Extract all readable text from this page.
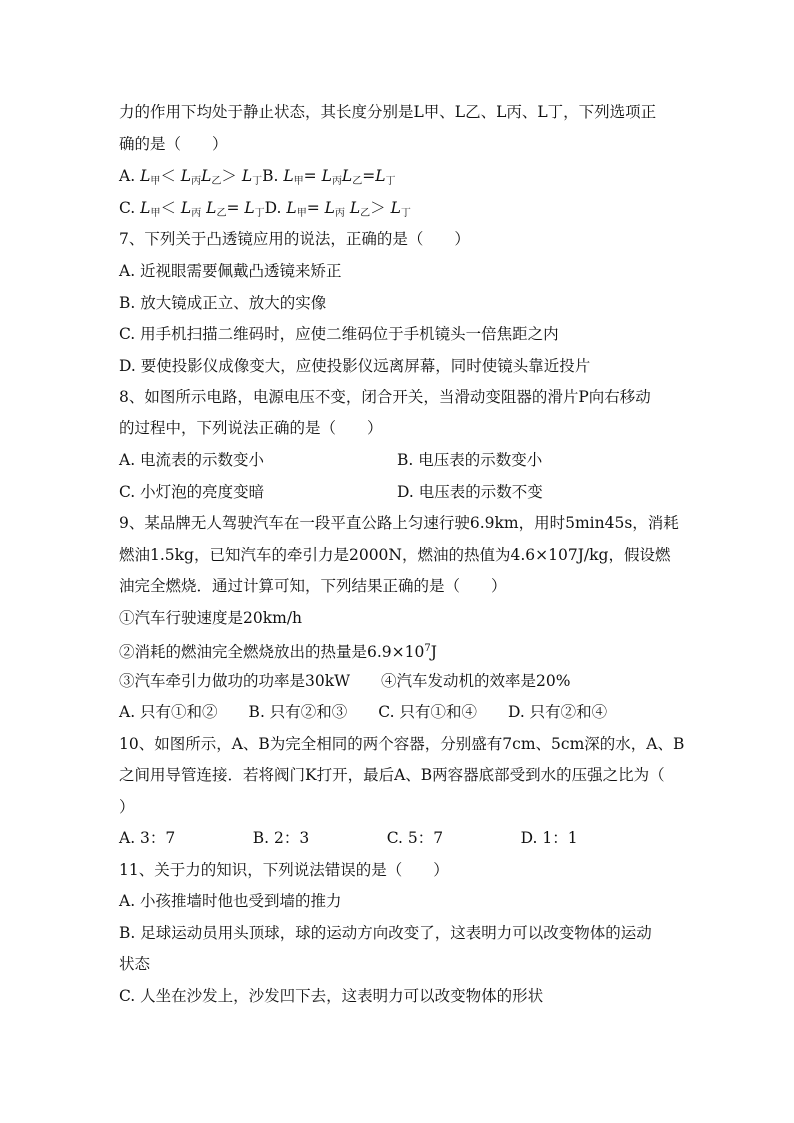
力的作用下均处于静止状态，其长度分别是L甲、L乙、L丙、L丁，下列选项正
确的是（　　）
A. $L_甲< L_丙L_乙> L_丁B$. $L_甲= L_丙L_乙=L_丁$
C. $L_甲< L_丙$ $L_乙= L_丁D$. $L_甲= L_丙$ $L_乙> L_丁$
7、下列关于凸透镜应用的说法，正确的是（　　）
A. 近视眼需要佩戴凸透镜来矫正
B. 放大镜成正立、放大的实像
C. 用手机扫描二维码时，应使二维码位于手机镜头一倍焦距之内
D. 要使投影仪成像变大，应使投影仪远离屏幕，同时使镜头靠近投片
8、如图所示电路，电源电压不变，闭合开关，当滑动变阻器的滑片P向右移动
的过程中，下列说法正确的是（　　）
A. 电流表的示数变小	B. 电压表的示数变小
C. 小灯泡的亮度变暗	D. 电压表的示数不变
9、某品牌无人驾驶汽车在一段平直公路上匀速行驶6.9km，用时5min45s，消耗
燃油1.5kg，已知汽车的牵引力是2000N，燃油的热值为4.6×107J/kg，假设燃
油完全燃烧．通过计算可知，下列结果正确的是（　　）
①汽车行驶速度是20km/h
②消耗的燃油完全燃烧放出的热量是$6.9\times 10^7J$
③汽车牵引力做功的功率是30kW　　④汽车发动机的效率是20%
A. 只有①和②　　B. 只有②和③　　C. 只有①和④　　D. 只有②和④
10、如图所示，A、B为完全相同的两个容器，分别盛有7cm、5cm深的水，A、B
之间用导管连接．若将阀门K打开，最后A、B两容器底部受到水的压强之比为（
）
A. 3：7　　　　　B. 2：3　　　　　C. 5：7　　　　　D. 1：1
11、关于力的知识，下列说法错误的是（　　）
A. 小孩推墙时他也受到墙的推力
B. 足球运动员用头顶球，球的运动方向改变了，这表明力可以改变物体的运动
状态
C. 人坐在沙发上，沙发凹下去，这表明力可以改变物体的形状
